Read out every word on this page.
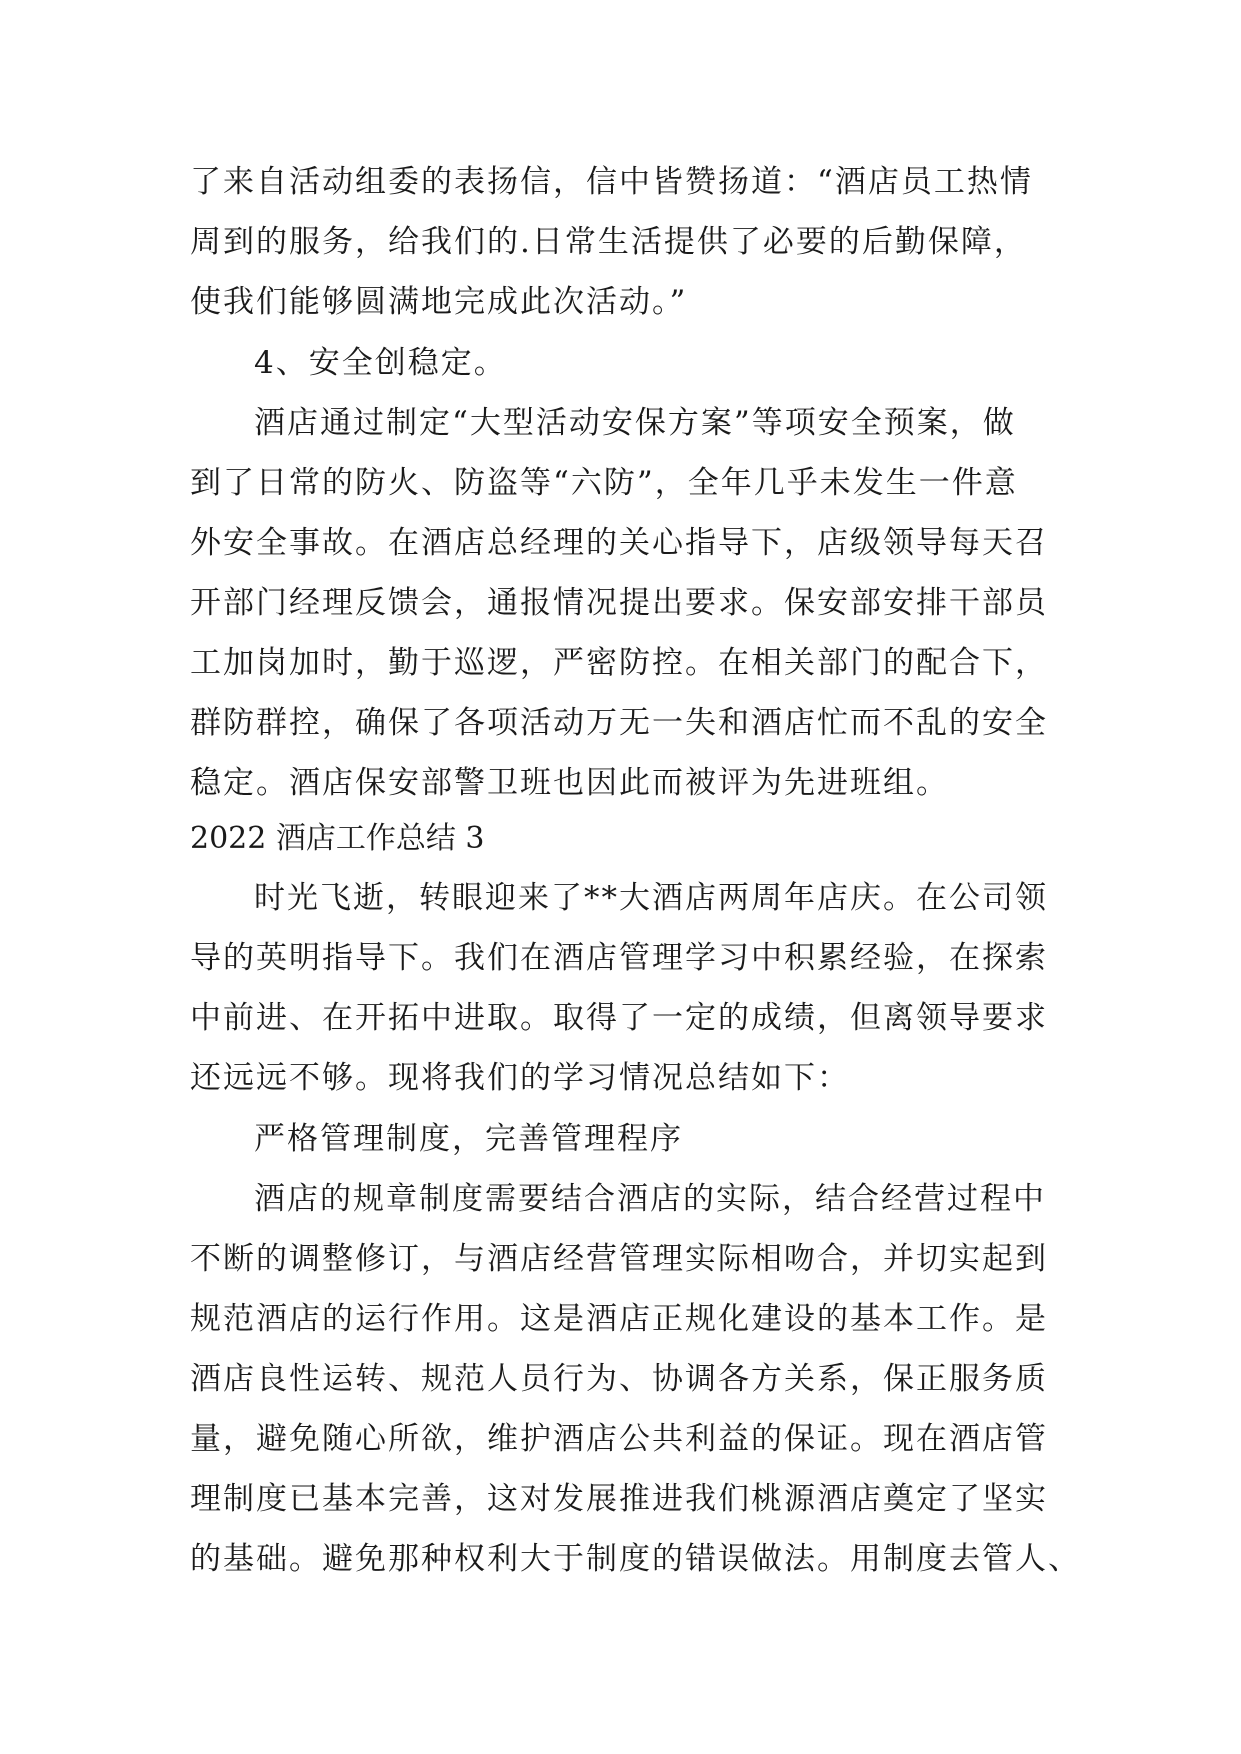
了来自活动组委的表扬信，信中皆赞扬道：“酒店员工热情
周到的服务，给我们的.日常生活提供了必要的后勤保障，
使我们能够圆满地完成此次活动。”
4、安全创稳定。
酒店通过制定“大型活动安保方案”等项安全预案，做
到了日常的防火、防盗等“六防”，全年几乎未发生一件意
外安全事故。在酒店总经理的关心指导下，店级领导每天召
开部门经理反馈会，通报情况提出要求。保安部安排干部员
工加岗加时，勤于巡逻，严密防控。在相关部门的配合下，
群防群控，确保了各项活动万无一失和酒店忙而不乱的安全
稳定。酒店保安部警卫班也因此而被评为先进班组。
2022 酒店工作总结 3
时光飞逝，转眼迎来了**大酒店两周年店庆。在公司领
导的英明指导下。我们在酒店管理学习中积累经验，在探索
中前进、在开拓中进取。取得了一定的成绩，但离领导要求
还远远不够。现将我们的学习情况总结如下：
严格管理制度，完善管理程序
酒店的规章制度需要结合酒店的实际，结合经营过程中
不断的调整修订，与酒店经营管理实际相吻合，并切实起到
规范酒店的运行作用。这是酒店正规化建设的基本工作。是
酒店良性运转、规范人员行为、协调各方关系，保正服务质
量，避免随心所欲，维护酒店公共利益的保证。现在酒店管
理制度已基本完善，这对发展推进我们桃源酒店奠定了坚实
的基础。避免那种权利大于制度的错误做法。用制度去管人、
